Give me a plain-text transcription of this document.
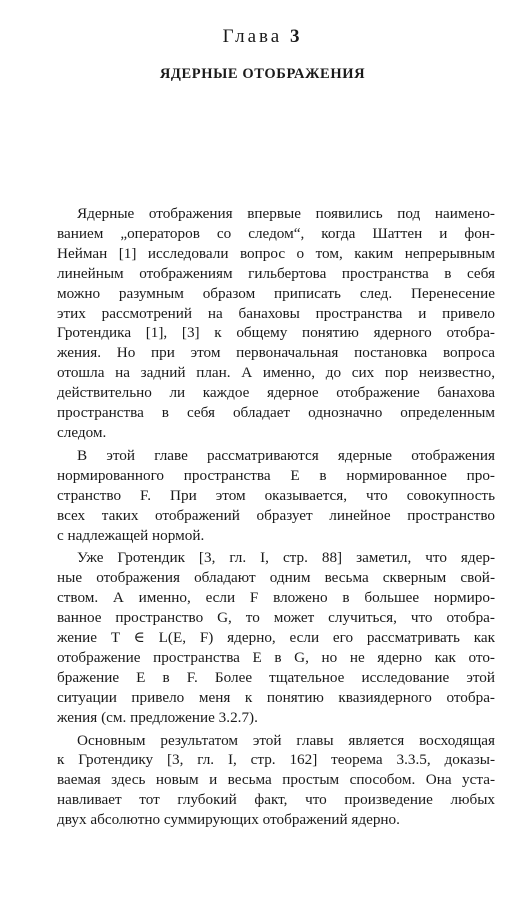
Глава 3
ЯДЕРНЫЕ ОТОБРАЖЕНИЯ
Ядерные отображения впервые появились под наимено-
ванием „операторов со следом“, когда Шаттен и фон-
Нейман [1] исследовали вопрос о том, каким непрерывным
линейным отображениям гильбертова пространства в себя
можно разумным образом приписать след. Перенесение
этих рассмотрений на банаховы пространства и привело
Гротендика [1], [3] к общему понятию ядерного отобра-
жения. Но при этом первоначальная постановка вопроса
отошла на задний план. А именно, до сих пор неизвестно,
действительно ли каждое ядерное отображение банахова
пространства в себя обладает однозначно определенным
следом.
В этой главе рассматриваются ядерные отображения
нормированного пространства E в нормированное про-
странство F. При этом оказывается, что совокупность
всех таких отображений образует линейное пространство
с надлежащей нормой.
Уже Гротендик [3, гл. I, стр. 88] заметил, что ядер-
ные отображения обладают одним весьма скверным свой-
ством. А именно, если F вложено в большее нормиро-
ванное пространство G, то может случиться, что отобра-
жение T ∈ L(E, F) ядерно, если его рассматривать как
отображение пространства E в G, но не ядерно как ото-
бражение E в F. Более тщательное исследование этой
ситуации привело меня к понятию квазиядерного отобра-
жения (см. предложение 3.2.7).
Основным результатом этой главы является восходящая
к Гротендику [3, гл. I, стр. 162] теорема 3.3.5, доказы-
ваемая здесь новым и весьма простым способом. Она уста-
навливает тот глубокий факт, что произведение любых
двух абсолютно суммирующих отображений ядерно.
